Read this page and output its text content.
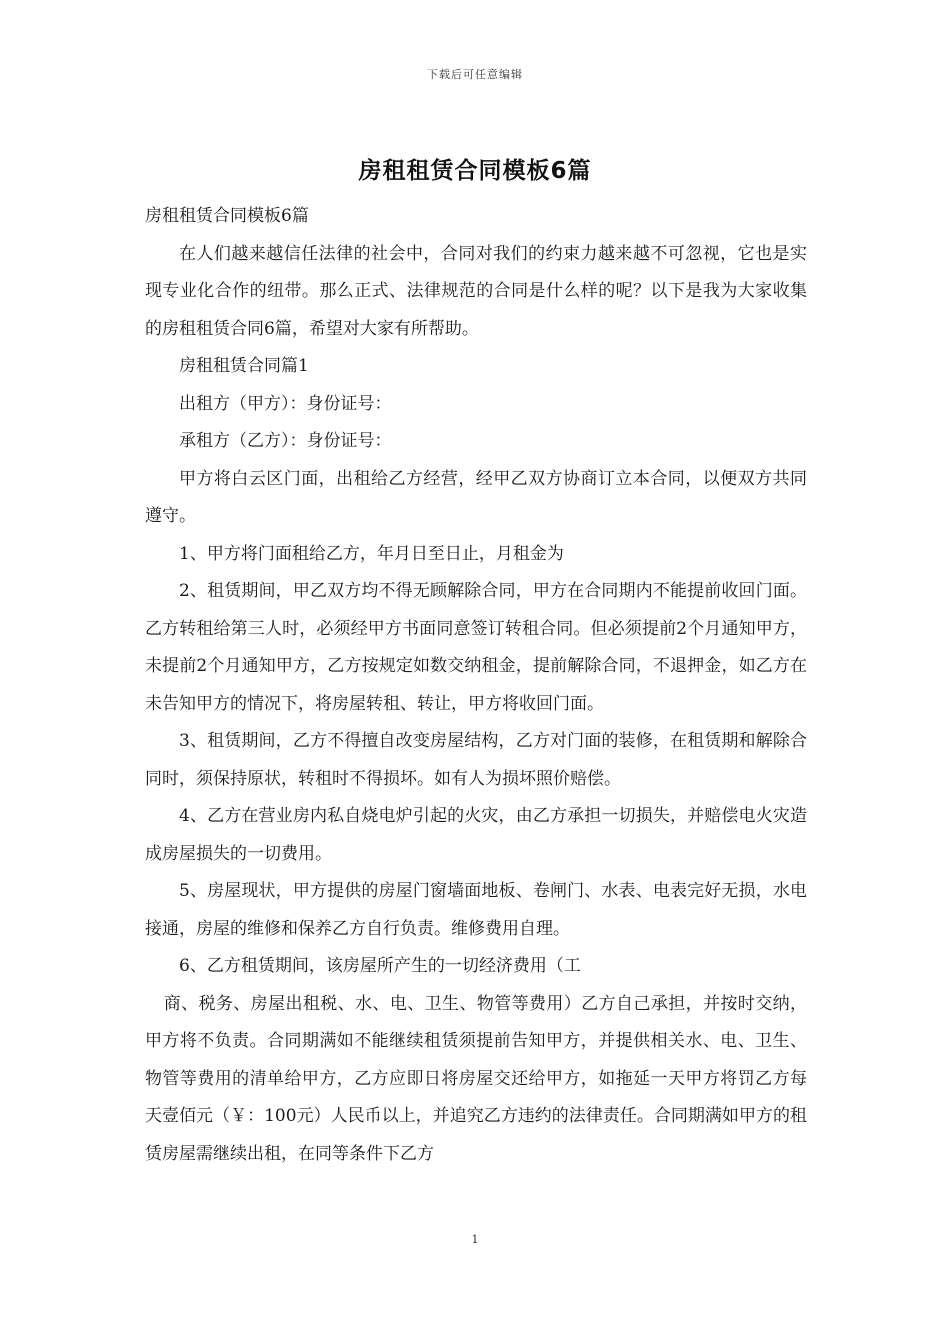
下载后可任意编辑
房租租赁合同模板6篇

房租租赁合同模板6篇

在人们越来越信任法律的社会中，合同对我们的约束力越来越不可忽视，它也是实现专业化合作的纽带。那么正式、法律规范的合同是什么样的呢？以下是我为大家收集的房租租赁合同6篇，希望对大家有所帮助。

房租租赁合同篇1

出租方（甲方）：身份证号：

承租方（乙方）：身份证号：

甲方将白云区门面，出租给乙方经营，经甲乙双方协商订立本合同，以便双方共同遵守。

1、甲方将门面租给乙方，年月日至日止，月租金为

2、租赁期间，甲乙双方均不得无顾解除合同，甲方在合同期内不能提前收回门面。乙方转租给第三人时，必须经甲方书面同意签订转租合同。但必须提前2个月通知甲方，未提前2个月通知甲方，乙方按规定如数交纳租金，提前解除合同，不退押金，如乙方在未告知甲方的情况下，将房屋转租、转让，甲方将收回门面。

3、租赁期间，乙方不得擅自改变房屋结构，乙方对门面的装修，在租赁期和解除合同时，须保持原状，转租时不得损坏。如有人为损坏照价赔偿。

4、乙方在营业房内私自烧电炉引起的火灾，由乙方承担一切损失，并赔偿电火灾造成房屋损失的一切费用。

5、房屋现状，甲方提供的房屋门窗墙面地板、卷闸门、水表、电表完好无损，水电接通，房屋的维修和保养乙方自行负责。维修费用自理。

6、乙方租赁期间，该房屋所产生的一切经济费用（工

商、税务、房屋出租税、水、电、卫生、物管等费用）乙方自己承担，并按时交纳，甲方将不负责。合同期满如不能继续租赁须提前告知甲方，并提供相关水、电、卫生、物管等费用的清单给甲方，乙方应即日将房屋交还给甲方，如拖延一天甲方将罚乙方每天壹佰元（￥：100元）人民币以上，并追究乙方违约的法律责任。合同期满如甲方的租赁房屋需继续出租，在同等条件下乙方

1
